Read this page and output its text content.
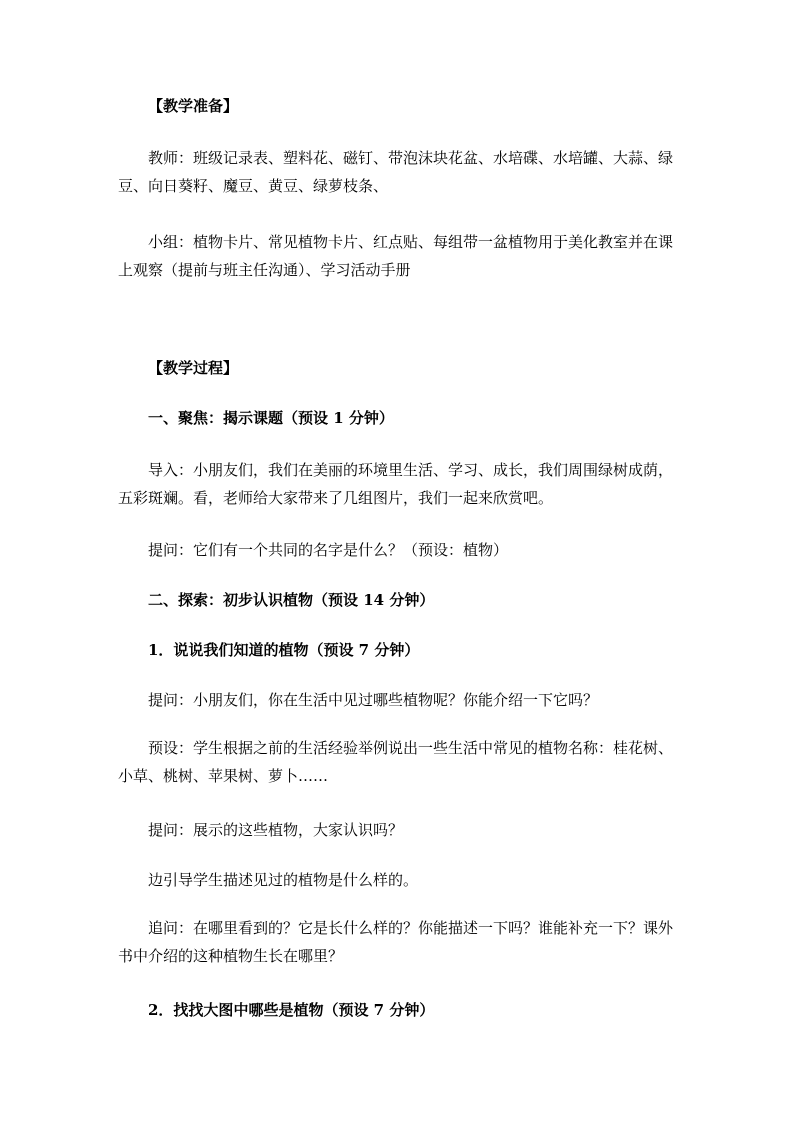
【教学准备】

教师：班级记录表、塑料花、磁钉、带泡沫块花盆、水培碟、水培罐、大蒜、绿豆、向日葵籽、魔豆、黄豆、绿萝枝条、

小组：植物卡片、常见植物卡片、红点贴、每组带一盆植物用于美化教室并在课上观察（提前与班主任沟通）、学习活动手册

【教学过程】

一、聚焦：揭示课题（预设 1 分钟）

导入：小朋友们，我们在美丽的环境里生活、学习、成长，我们周围绿树成荫，五彩斑斓。看，老师给大家带来了几组图片，我们一起来欣赏吧。

提问：它们有一个共同的名字是什么？（预设：植物）

二、探索：初步认识植物（预设 14 分钟）

1．说说我们知道的植物（预设 7 分钟）

提问：小朋友们，你在生活中见过哪些植物呢？你能介绍一下它吗？

预设：学生根据之前的生活经验举例说出一些生活中常见的植物名称：桂花树、小草、桃树、苹果树、萝卜……

提问：展示的这些植物，大家认识吗？

边引导学生描述见过的植物是什么样的。

追问：在哪里看到的？它是长什么样的？你能描述一下吗？谁能补充一下？课外书中介绍的这种植物生长在哪里？

2．找找大图中哪些是植物（预设 7 分钟）
